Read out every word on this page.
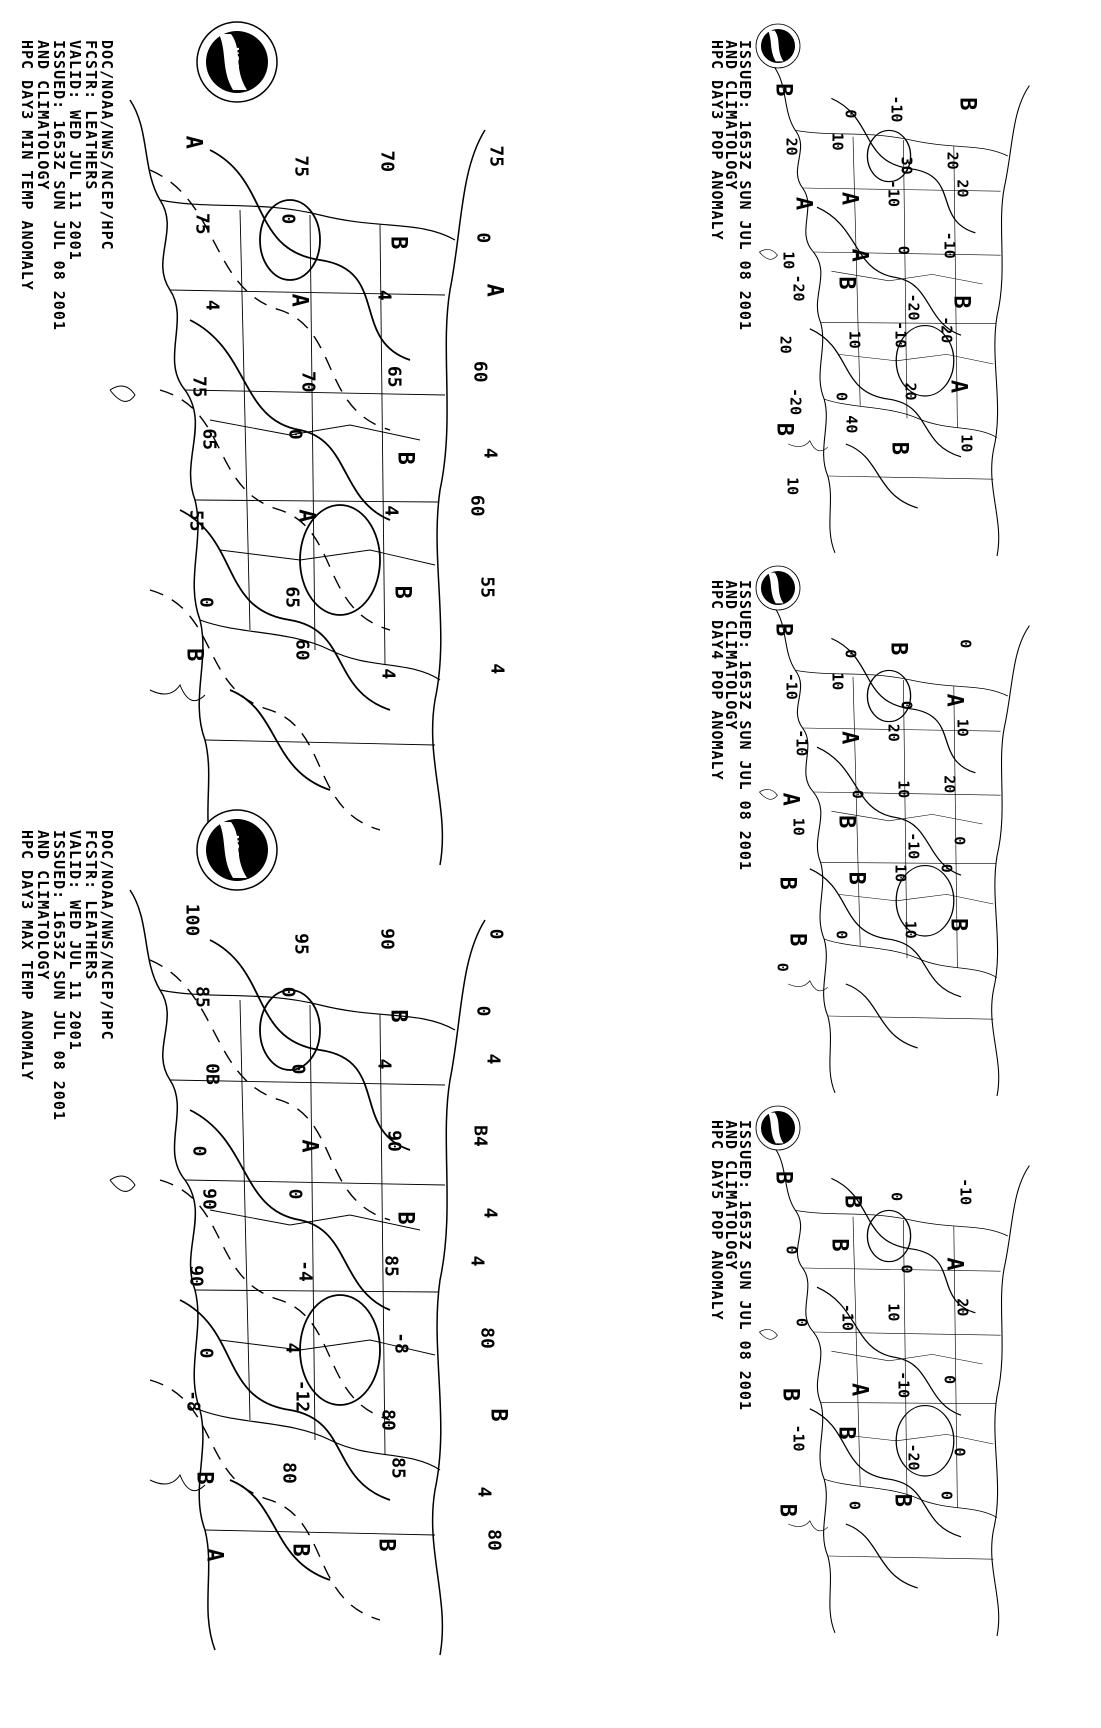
NOAA
HPC DAY3 MIN TEMP ANOMALY
AND CLIMATOLOGY
ISSUED: 1653Z SUN JUL 08 2001
VALID: WED JUL 11 2001
FCSTR: LEATHERS
DOC/NOAA/NWS/NCEP/HPC	A
75	70	75
75	0
B	0
4	A	4	A
75	70	65	60
65	0
B	4
55	A	4	60
0	65	B	55
B	60
4	4
NOAA
HPC DAY3 MAX TEMP ANOMALY
AND CLIMATOLOGY
ISSUED: 1653Z SUN JUL 08 2001
VALID: WED JUL 11 2001
FCSTR: LEATHERS
DOC/NOAA/NWS/NCEP/HPC	100
95	90	0
85	0
B	0
0B	0	4	4
0	A	90	B4
90	0
B	4
90	-4	85	4
0	4	-8	80
-8	-12
80	B
B	80	85
4
A	B	B	80
HPC DAY3 POP ANOMALY
AND CLIMATOLOGY
ISSUED: 1653Z SUN JUL 08 2001 B
0 -10 B
20 10
30 20
A A -10	20
10 A 0 -10
-20 B
-20 B
20	10 -10 -20
-20 0	20 A
B	40
B	10
10
HPC DAY4 POP ANOMALY
AND CLIMATOLOGY
ISSUED: 1653Z SUN JUL 08 2001 B
0 B	0
-10 10
0 A
-10 A 20	10
A	0 10 20
10 B
-10 0
B B 10 0
B 0	10 B
0
HPC DAY5 POP ANOMALY
AND CLIMATOLOGY
ISSUED: 1653Z SUN JUL 08 2001 B
B 0	-10
0 B
0 A
0 -10 10	20
B A -10 0
-10 B
-20 0
B	0 B 0
